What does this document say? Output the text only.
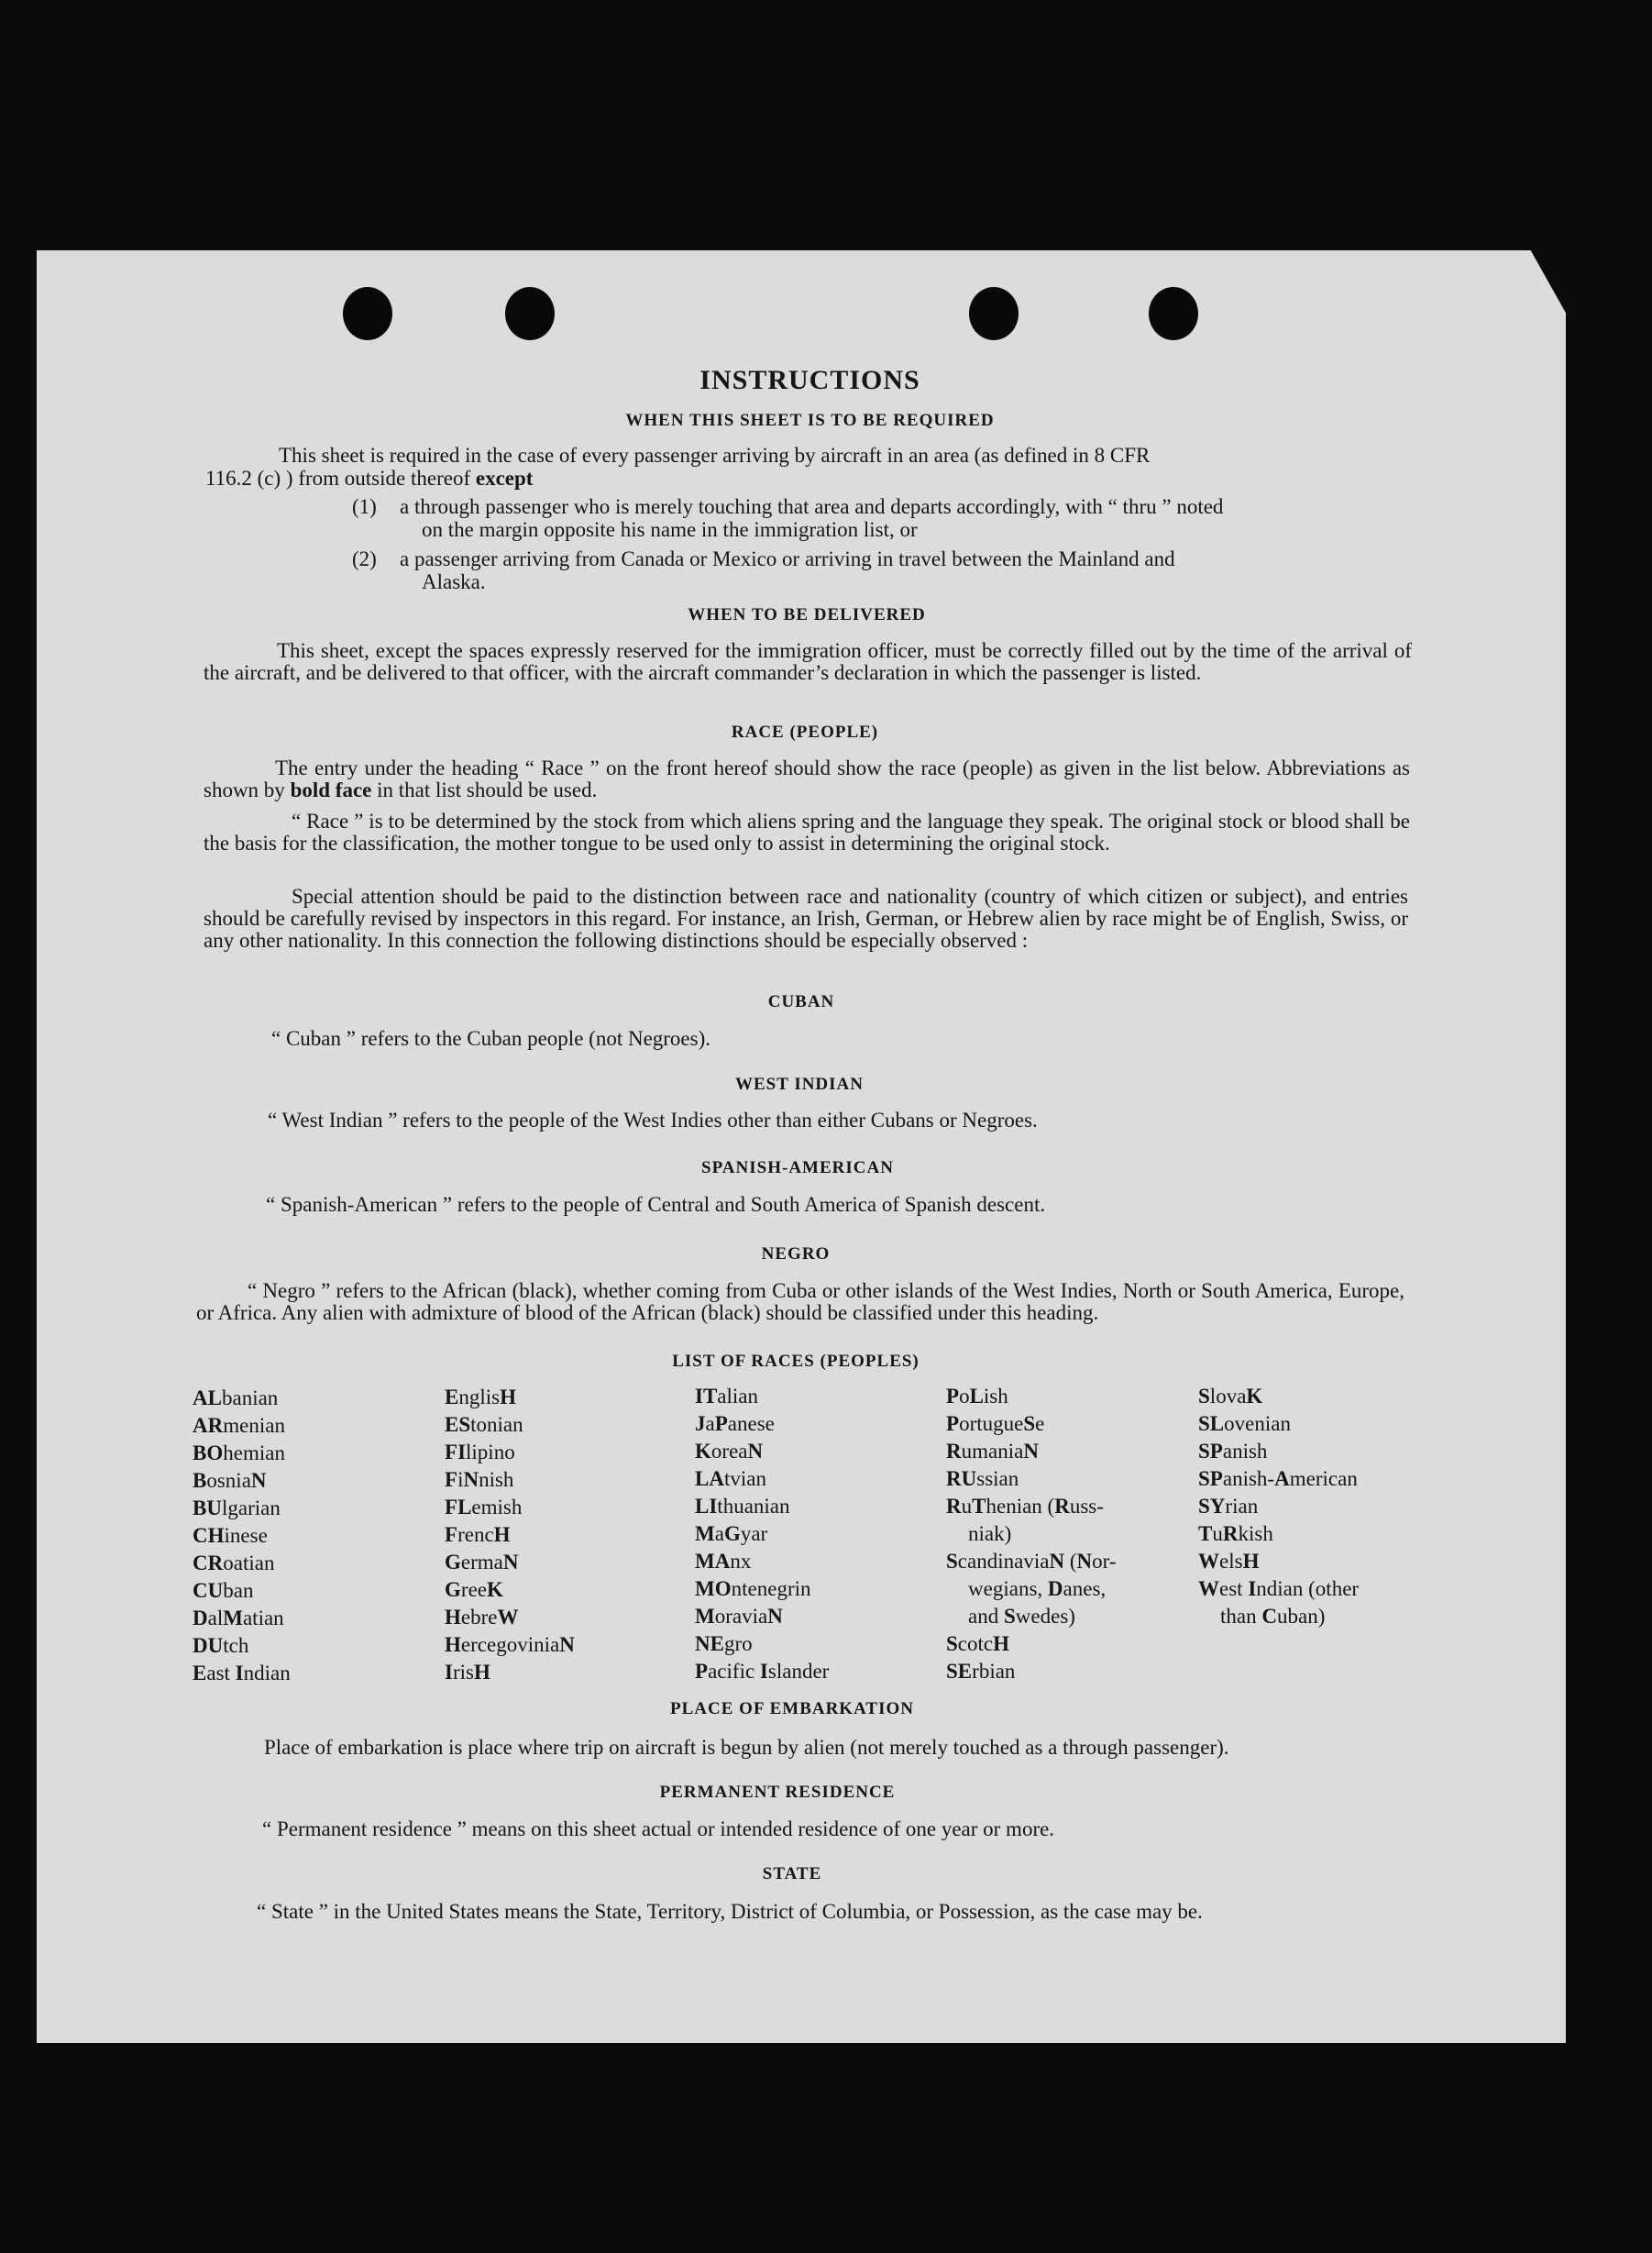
INSTRUCTIONS
WHEN THIS SHEET IS TO BE REQUIRED
This sheet is required in the case of every passenger arriving by aircraft in an area (as defined in 8 CFR
116.2 (c) ) from outside thereof except
(1) a through passenger who is merely touching that area and departs accordingly, with “ thru ” noted
on the margin opposite his name in the immigration list, or
(2) a passenger arriving from Canada or Mexico or arriving in travel between the Mainland and
Alaska.
WHEN TO BE DELIVERED
This sheet, except the spaces expressly reserved for the immigration officer, must be correctly filled out by the time of the arrival of the aircraft, and be delivered to that officer, with the aircraft commander’s declaration in which the passenger is listed.
RACE (PEOPLE)
The entry under the heading “ Race ” on the front hereof should show the race (people) as given in the list below. Abbreviations as shown by bold face in that list should be used.
“ Race ” is to be determined by the stock from which aliens spring and the language they speak. The original stock or blood shall be the basis for the classification, the mother tongue to be used only to assist in determining the original stock.
Special attention should be paid to the distinction between race and nationality (country of which citizen or subject), and entries should be carefully revised by inspectors in this regard. For instance, an Irish, German, or Hebrew alien by race might be of English, Swiss, or any other nationality. In this connection the following distinctions should be especially observed :
CUBAN
“ Cuban ” refers to the Cuban people (not Negroes).
WEST INDIAN
“ West Indian ” refers to the people of the West Indies other than either Cubans or Negroes.
SPANISH-AMERICAN
“ Spanish-American ” refers to the people of Central and South America of Spanish descent.
NEGRO
“ Negro ” refers to the African (black), whether coming from Cuba or other islands of the West Indies, North or South America, Europe, or Africa. Any alien with admixture of blood of the African (black) should be classified under this heading.
LIST OF RACES (PEOPLES)
ALbanian
ARmenian
BOhemian
BosniaN
BUlgarian
CHinese
CRoatian
CUban
DalMatian
DUtch
East Indian
EnglisH
EStonian
FIlipino
FiNnish
FLemish
FrencH
GermaN
GreeK
HebreW
HercegoviniaN
IrisH
ITalian
JaPanese
KoreaN
LAtvian
LIthuanian
MaGyar
MAnx
MOntenegrin
MoraviaN
NEgro
Pacific Islander
PoLish
PortugueSe
RumaniaN
RUssian
RuThenian (Russ-
niak)
ScandinaviaN (Nor-
wegians, Danes,
and Swedes)
ScotcH
SErbian
SlovaK
SLovenian
SPanish
SPanish-American
SYrian
TuRkish
WelsH
West Indian (other
than Cuban)
PLACE OF EMBARKATION
Place of embarkation is place where trip on aircraft is begun by alien (not merely touched as a through passenger).
PERMANENT RESIDENCE
“ Permanent residence ” means on this sheet actual or intended residence of one year or more.
STATE
“ State ” in the United States means the State, Territory, District of Columbia, or Possession, as the case may be.
